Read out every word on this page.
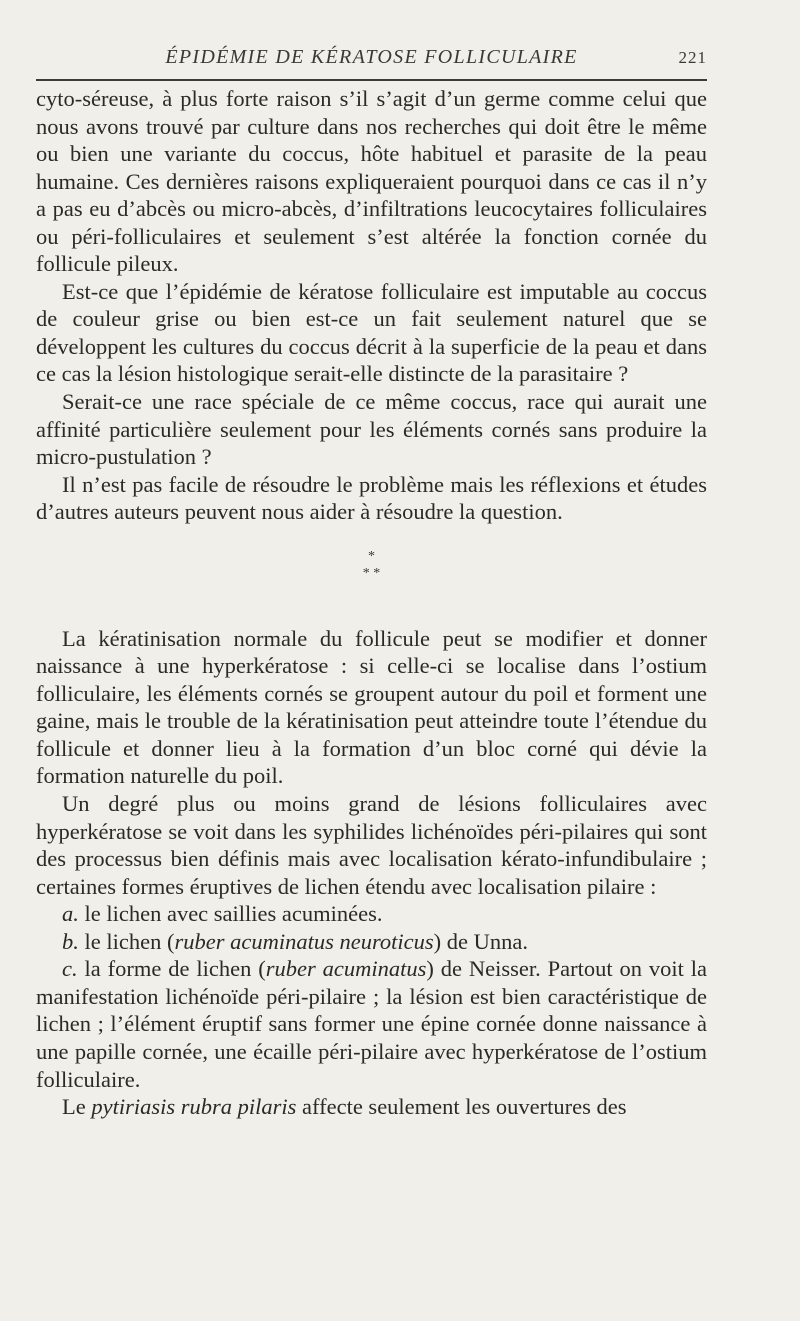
ÉPIDÉMIE DE KÉRATOSE FOLLICULAIRE	221

cyto-séreuse, à plus forte raison s’il s’agit d’un germe comme celui que nous avons trouvé par culture dans nos recherches qui doit être le même ou bien une variante du coccus, hôte habituel et parasite de la peau humaine. Ces dernières raisons expliqueraient pourquoi dans ce cas il n’y a pas eu d’abcès ou micro-abcès, d’infiltrations leucocytaires folliculaires ou péri-folliculaires et seulement s’est altérée la fonction cornée du follicule pileux.

Est-ce que l’épidémie de kératose folliculaire est imputable au coccus de couleur grise ou bien est-ce un fait seulement naturel que se développent les cultures du coccus décrit à la superficie de la peau et dans ce cas la lésion histologique serait-elle distincte de la parasitaire ?

Serait-ce une race spéciale de ce même coccus, race qui aurait une affinité particulière seulement pour les éléments cornés sans produire la micro-pustulation ?

Il n’est pas facile de résoudre le problème mais les réflexions et études d’autres auteurs peuvent nous aider à résoudre la question.

*
* *

La kératinisation normale du follicule peut se modifier et donner naissance à une hyperkératose : si celle-ci se localise dans l’ostium folliculaire, les éléments cornés se groupent autour du poil et forment une gaine, mais le trouble de la kératinisation peut atteindre toute l’étendue du follicule et donner lieu à la formation d’un bloc corné qui dévie la formation naturelle du poil.

Un degré plus ou moins grand de lésions folliculaires avec hyperkératose se voit dans les syphilides lichénoïdes péri-pilaires qui sont des processus bien définis mais avec localisation kérato-infundibulaire ; certaines formes éruptives de lichen étendu avec localisation pilaire :

a. le lichen avec saillies acuminées.

b. le lichen (ruber acuminatus neuroticus) de Unna.

c. la forme de lichen (ruber acuminatus) de Neisser. Partout on voit la manifestation lichénoïde péri-pilaire ; la lésion est bien caractéristique de lichen ; l’élément éruptif sans former une épine cornée donne naissance à une papille cornée, une écaille péri-pilaire avec hyperkératose de l’ostium folliculaire.

Le pytiriasis rubra pilaris affecte seulement les ouvertures des
